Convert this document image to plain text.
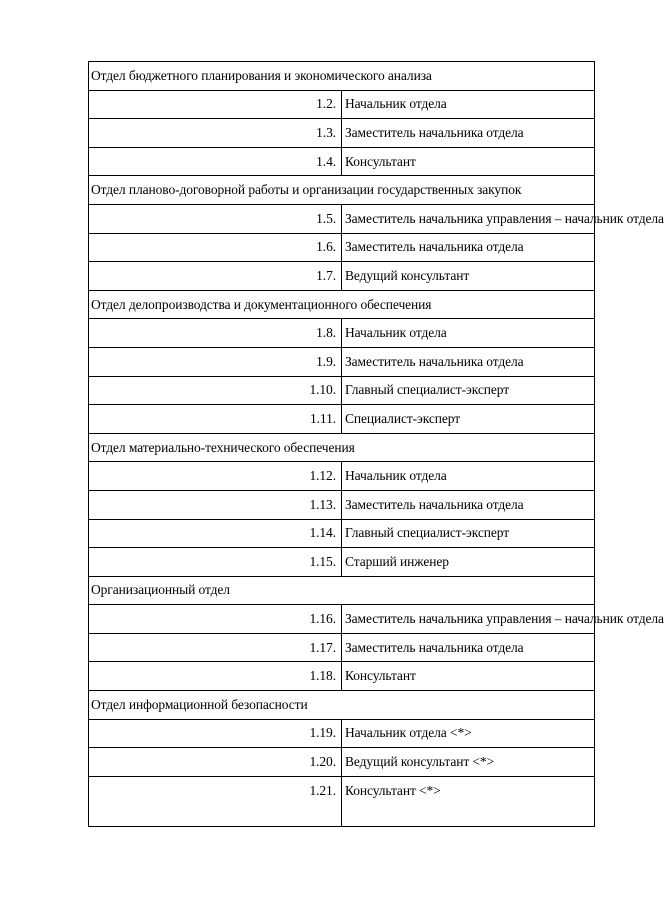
Отдел бюджетного планирования и экономического анализа	
1.2.	Начальник отдела
1.3.	Заместитель начальника отдела
1.4.	Консультант
Отдел планово-договорной работы и организации государственных закупок	
1.5.	Заместитель начальника управления – начальник отдела
1.6.	Заместитель начальника отдела
1.7.	Ведущий консультант
Отдел делопроизводства и документационного обеспечения	
1.8.	Начальник отдела
1.9.	Заместитель начальника отдела
1.10.	Главный специалист-эксперт
1.11.	Специалист-эксперт
Отдел материально-технического обеспечения	
1.12.	Начальник отдела
1.13.	Заместитель начальника отдела
1.14.	Главный специалист-эксперт
1.15.	Старший инженер
Организационный отдел	
1.16.	Заместитель начальника управления – начальник отдела
1.17.	Заместитель начальника отдела
1.18.	Консультант
Отдел информационной безопасности	
1.19.	Начальник отдела <*>
1.20.	Ведущий консультант <*>
1.21.	Консультант <*>
